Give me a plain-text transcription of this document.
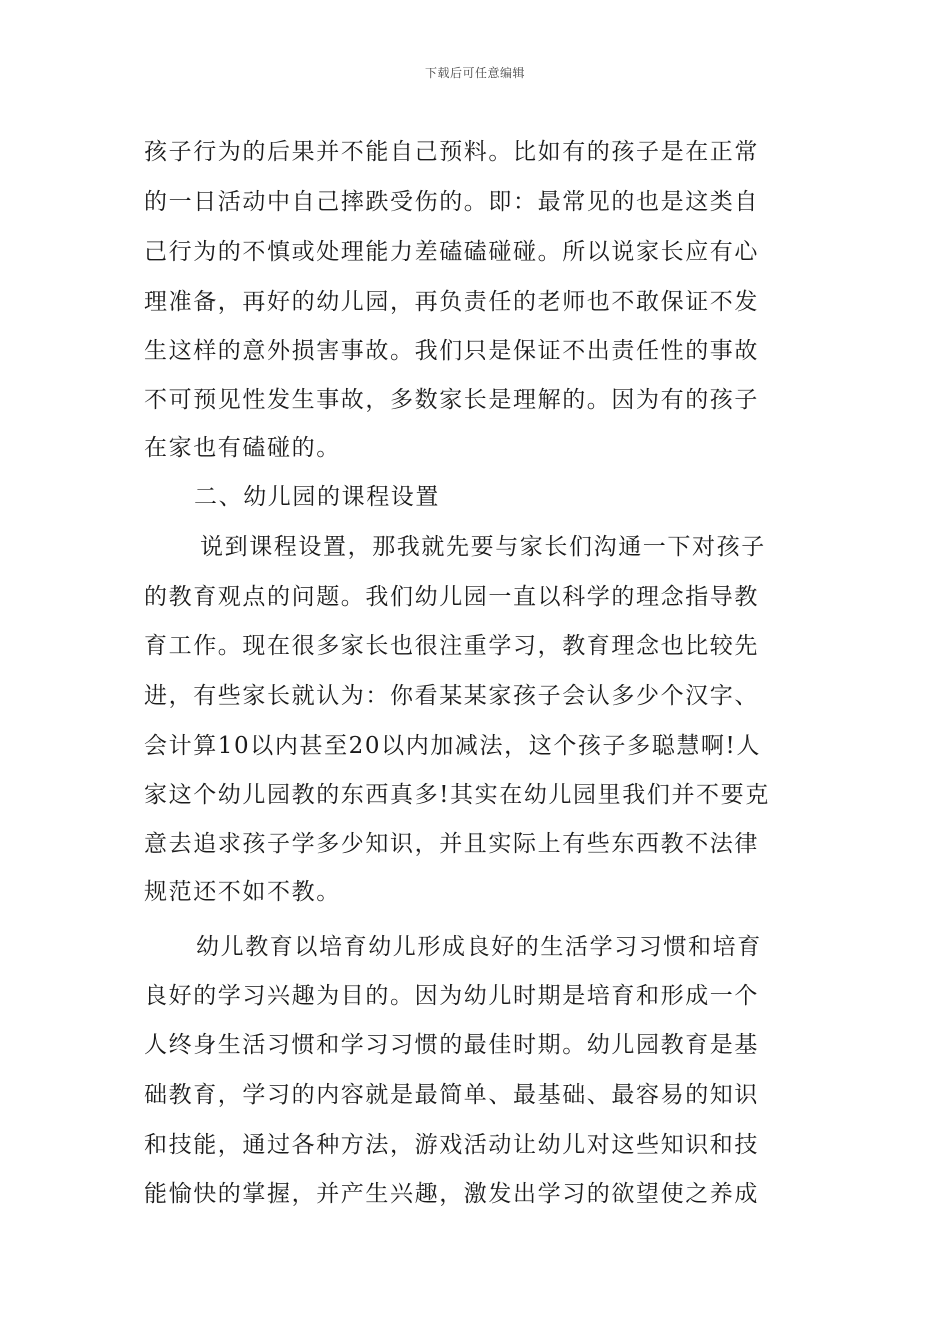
下载后可任意编辑
孩子行为的后果并不能自己预料。比如有的孩子是在正常
的一日活动中自己摔跌受伤的。即：最常见的也是这类自
己行为的不慎或处理能力差磕磕碰碰。所以说家长应有心
理准备，再好的幼儿园，再负责任的老师也不敢保证不发
生这样的意外损害事故。我们只是保证不出责任性的事故
不可预见性发生事故，多数家长是理解的。因为有的孩子
在家也有磕碰的。
二、幼儿园的课程设置
说到课程设置，那我就先要与家长们沟通一下对孩子
的教育观点的问题。我们幼儿园一直以科学的理念指导教
育工作。现在很多家长也很注重学习，教育理念也比较先
进，有些家长就认为：你看某某家孩子会认多少个汉字、
会计算10以内甚至20以内加减法，这个孩子多聪慧啊!人
家这个幼儿园教的东西真多!其实在幼儿园里我们并不要克
意去追求孩子学多少知识，并且实际上有些东西教不法律
规范还不如不教。
幼儿教育以培育幼儿形成良好的生活学习习惯和培育
良好的学习兴趣为目的。因为幼儿时期是培育和形成一个
人终身生活习惯和学习习惯的最佳时期。幼儿园教育是基
础教育，学习的内容就是最简单、最基础、最容易的知识
和技能，通过各种方法，游戏活动让幼儿对这些知识和技
能愉快的掌握，并产生兴趣，激发出学习的欲望使之养成
